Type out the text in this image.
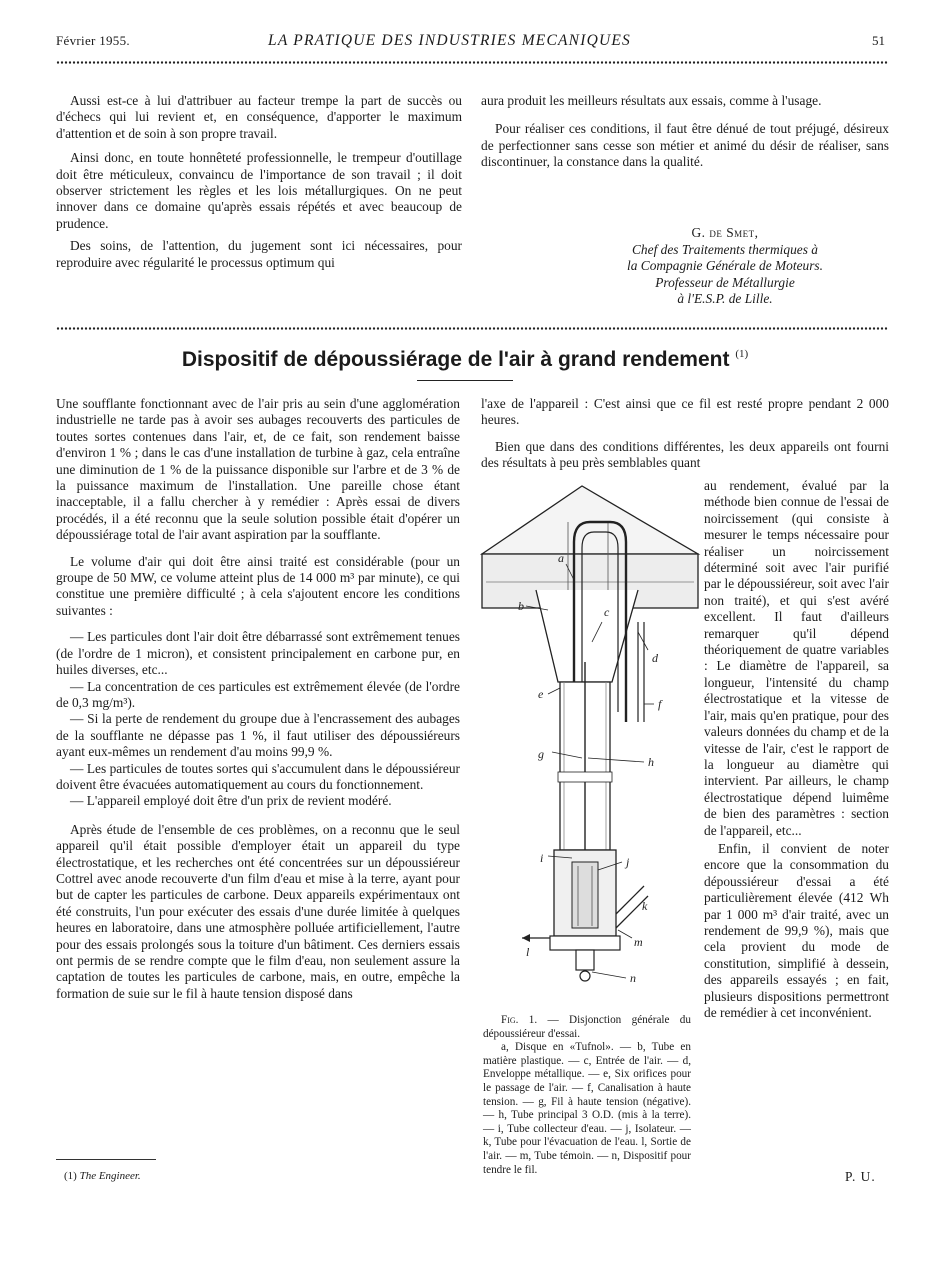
Février 1955.	LA PRATIQUE DES INDUSTRIES MECANIQUES	51

Aussi est-ce à lui d'attribuer au facteur trempe la part de succès ou d'échecs qui lui revient et, en conséquence, d'apporter le maximum d'attention et de soin à son propre travail.

Ainsi donc, en toute honnêteté professionnelle, le trempeur d'outillage doit être méticuleux, convaincu de l'importance de son travail ; il doit observer strictement les règles et les lois métallurgiques. On ne peut innover dans ce domaine qu'après essais répétés et avec beaucoup de prudence.

Des soins, de l'attention, du jugement sont ici nécessaires, pour reproduire avec régularité le processus optimum qui

aura produit les meilleurs résultats aux essais, comme à l'usage.

Pour réaliser ces conditions, il faut être dénué de tout préjugé, désireux de perfectionner sans cesse son métier et animé du désir de réaliser, sans discontinuer, la constance dans la qualité.

G. de Smet,
Chef des Traitements thermiques à
la Compagnie Générale de Moteurs.
Professeur de Métallurgie
à l'E.S.P. de Lille.
Dispositif de dépoussiérage de l'air à grand rendement $^{(1)}$

Une soufflante fonctionnant avec de l'air pris au sein d'une agglomération industrielle ne tarde pas à avoir ses aubages recouverts des particules de toutes sortes contenues dans l'air, et, de ce fait, son rendement baisse d'environ 1 % ; dans le cas d'une installation de turbine à gaz, cela entraîne une diminution de 1 % de la puissance disponible sur l'arbre et de 3 % de la puissance maximum de l'installation. Une pareille chose étant inacceptable, il a fallu chercher à y remédier : Après essai de divers procédés, il a été reconnu que la seule solution possible était d'opérer un dépoussiérage total de l'air avant aspiration par la soufflante.

Le volume d'air qui doit être ainsi traité est considérable (pour un groupe de 50 MW, ce volume atteint plus de 14 000 m³ par minute), ce qui constitue une première difficulté ; à cela s'ajoutent encore les conditions suivantes :

— Les particules dont l'air doit être débarrassé sont extrêmement tenues (de l'ordre de 1 micron), et consistent principalement en carbone pur, en huiles diverses, etc...

— La concentration de ces particules est extrêmement élevée (de l'ordre de 0,3 mg/m³).

— Si la perte de rendement du groupe due à l'encrassement des aubages de la soufflante ne dépasse pas 1 %, il faut utiliser des dépoussiéreurs ayant eux-mêmes un rendement d'au moins 99,9 %.

— Les particules de toutes sortes qui s'accumulent dans le dépoussiéreur doivent être évacuées automatiquement au cours du fonctionnement.

— L'appareil employé doit être d'un prix de revient modéré.

Après étude de l'ensemble de ces problèmes, on a reconnu que le seul appareil qu'il était possible d'employer était un appareil du type électrostatique, et les recherches ont été concentrées sur un dépoussiéreur Cottrel avec anode recouverte d'un film d'eau et mise à la terre, ayant pour but de capter les particules de carbone. Deux appareils expérimentaux ont été construits, l'un pour exécuter des essais d'une durée limitée à quelques heures en laboratoire, dans une atmosphère polluée artificiellement, l'autre pour des essais prolongés sous la toiture d'un bâtiment. Ces derniers essais ont permis de se rendre compte que le film d'eau, non seulement assure la captation de toutes les particules de carbone, mais, en outre, empêche la formation de suie sur le fil à haute tension disposé dans

l'axe de l'appareil : C'est ainsi que ce fil est resté propre pendant 2 000 heures.

Bien que dans des conditions différentes, les deux appareils ont fourni des résultats à peu près semblables quant

a
b	c
d
e
f
g
h
i	j
k
l
m
n

Fig. 1. — Disjonction générale du dépoussiéreur d'essai.

a, Disque en «Tufnol». — b, Tube en matière plastique. — c, Entrée de l'air. — d, Enveloppe métallique. — e, Six orifices pour le passage de l'air. — f, Canalisation à haute tension. — g, Fil à haute tension (négative). — h, Tube principal 3 O.D. (mis à la terre). — i, Tube collecteur d'eau. — j, Isolateur. — k, Tube pour l'évacuation de l'eau. l, Sortie de l'air. — m, Tube témoin. — n, Dispositif pour tendre le fil.

au rendement, évalué par la méthode bien connue de l'essai de noircissement (qui consiste à mesurer le temps nécessaire pour réaliser un noircissement déterminé soit avec l'air purifié par le dépoussiéreur, soit avec l'air non traité), et qui s'est avéré excellent. Il faut d'ailleurs remarquer qu'il dépend théoriquement de quatre variables : Le diamètre de l'appareil, sa longueur, l'intensité du champ électrostatique et la vitesse de l'air, mais qu'en pratique, pour des valeurs données du champ et de la vitesse de l'air, c'est le rapport de la longueur au diamètre qui intervient. Par ailleurs, le champ électrostatique dépend luimême de bien des paramètres : section de l'appareil, etc...

Enfin, il convient de noter encore que la consommation du dépoussiéreur d'essai a été particulièrement élevée (412 Wh par 1 000 m³ d'air traité, avec un rendement de 99,9 %), mais que cela provient du mode de constitution, simplifié à dessein, des appareils essayés ; en fait, plusieurs dispositions permettront de remédier à cet inconvénient.

(1) The Engineer.	P. U.
